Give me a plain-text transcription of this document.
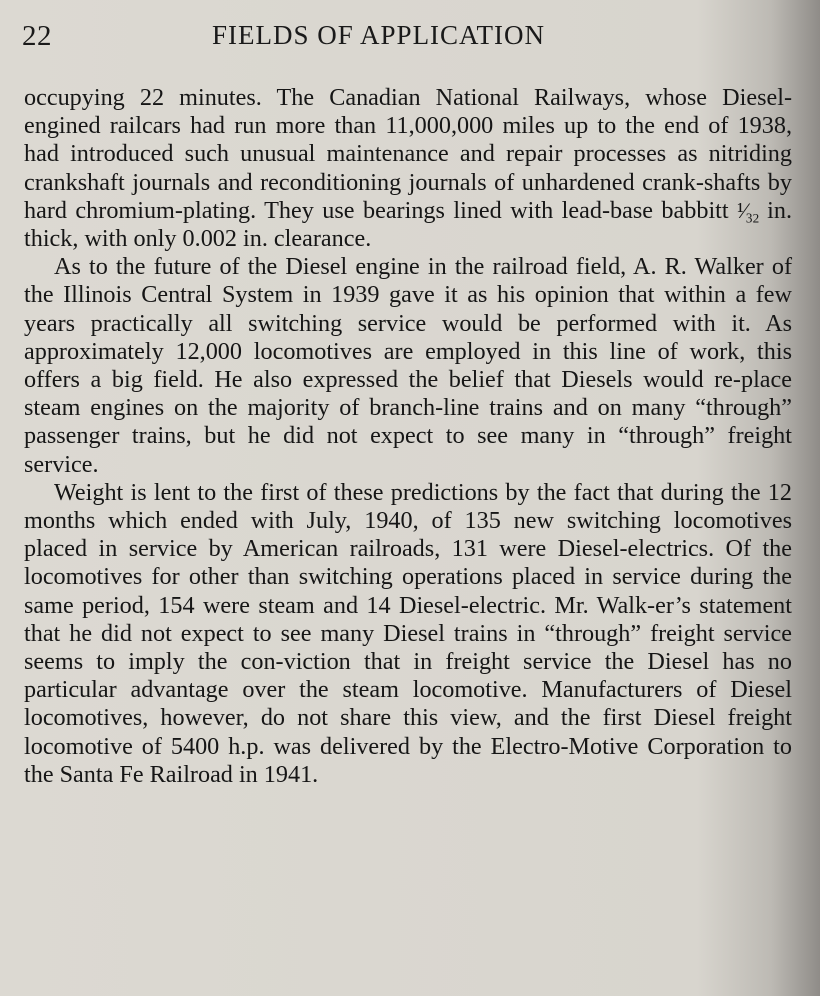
22	FIELDS OF APPLICATION

occupying 22 minutes. The Canadian National Railways, whose Diesel-engined railcars had run more than 11,000,000 miles up to the end of 1938, had introduced such unusual maintenance and repair processes as nitriding crankshaft journals and reconditioning journals of unhardened crank-shafts by hard chromium-plating. They use bearings lined with lead-base babbitt ¹⁄₃₂ in. thick, with only 0.002 in. clearance.

As to the future of the Diesel engine in the railroad field, A. R. Walker of the Illinois Central System in 1939 gave it as his opinion that within a few years practically all switching service would be performed with it. As approximately 12,000 locomotives are employed in this line of work, this offers a big field. He also expressed the belief that Diesels would re-place steam engines on the majority of branch-line trains and on many “through” passenger trains, but he did not expect to see many in “through” freight service.

Weight is lent to the first of these predictions by the fact that during the 12 months which ended with July, 1940, of 135 new switching locomotives placed in service by American railroads, 131 were Diesel-electrics. Of the locomotives for other than switching operations placed in service during the same period, 154 were steam and 14 Diesel-electric. Mr. Walk-er’s statement that he did not expect to see many Diesel trains in “through” freight service seems to imply the con-viction that in freight service the Diesel has no particular advantage over the steam locomotive. Manufacturers of Diesel locomotives, however, do not share this view, and the first Diesel freight locomotive of 5400 h.p. was delivered by the Electro-Motive Corporation to the Santa Fe Railroad in 1941.
